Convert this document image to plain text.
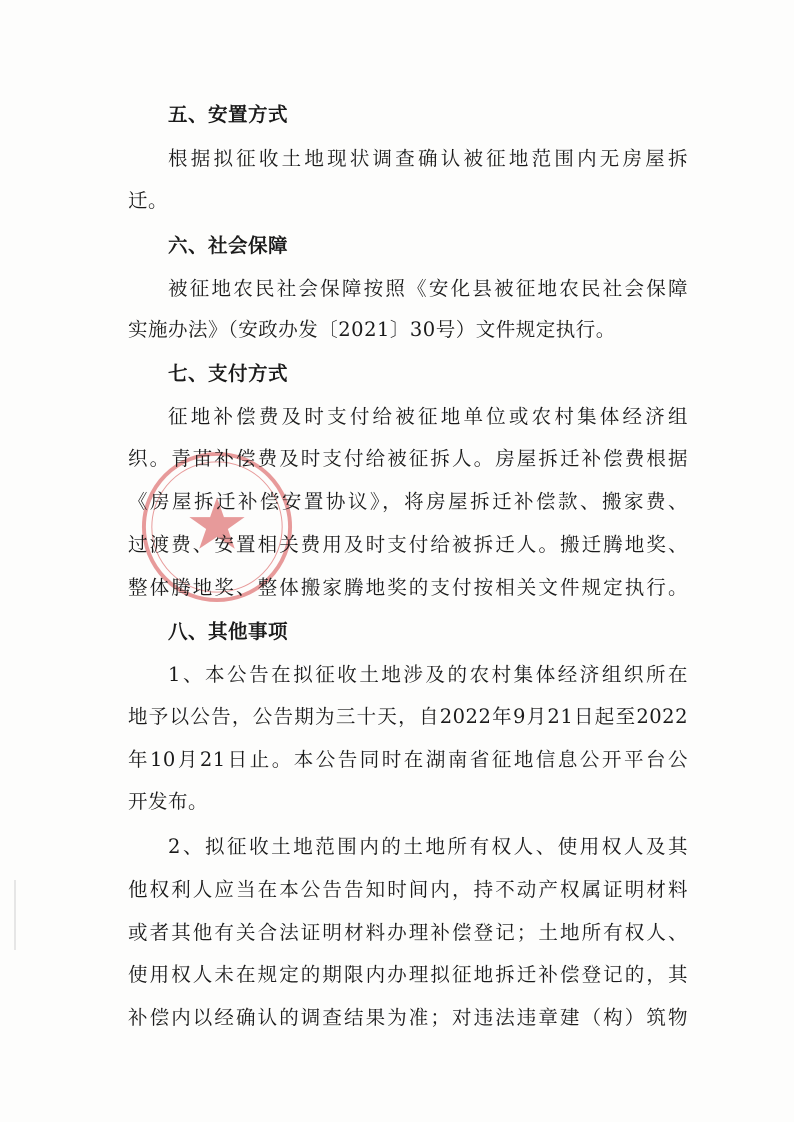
五、安置方式
根据拟征收土地现状调查确认被征地范围内无房屋拆
迁。
六、社会保障
被征地农民社会保障按照《安化县被征地农民社会保障
实施办法》（安政办发〔2021〕30号）文件规定执行。
七、支付方式
征地补偿费及时支付给被征地单位或农村集体经济组
织。青苗补偿费及时支付给被征拆人。房屋拆迁补偿费根据
《房屋拆迁补偿安置协议》，将房屋拆迁补偿款、搬家费、
过渡费、安置相关费用及时支付给被拆迁人。搬迁腾地奖、
整体腾地奖、整体搬家腾地奖的支付按相关文件规定执行。
八、其他事项
1、本公告在拟征收土地涉及的农村集体经济组织所在
地予以公告，公告期为三十天，自2022年9月21日起至2022
年10月21日止。本公告同时在湖南省征地信息公开平台公
开发布。
2、拟征收土地范围内的土地所有权人、使用权人及其
他权利人应当在本公告告知时间内，持不动产权属证明材料
或者其他有关合法证明材料办理补偿登记；土地所有权人、
使用权人未在规定的期限内办理拟征地拆迁补偿登记的，其
补偿内以经确认的调查结果为准；对违法违章建（构）筑物
